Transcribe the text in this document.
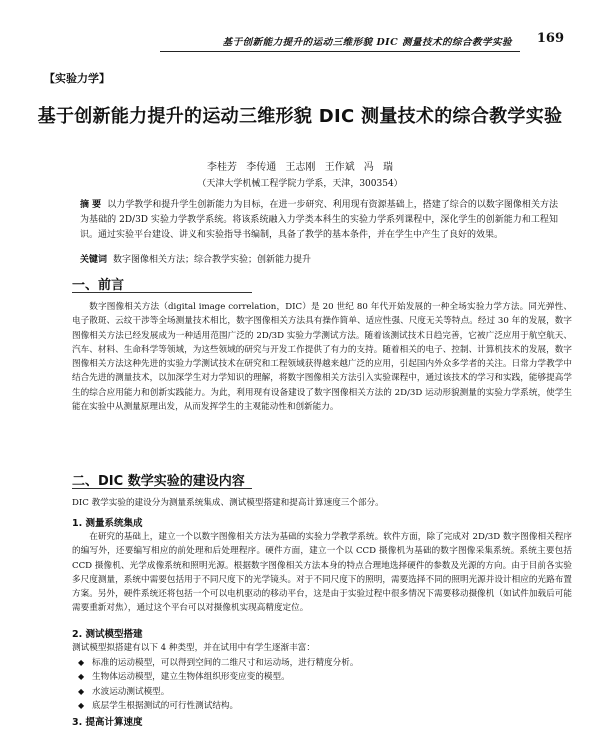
基于创新能力提升的运动三维形貌 DIC 测量技术的综合教学实验 169
【实验力学】
基于创新能力提升的运动三维形貌 DIC 测量技术的综合教学实验
李桂芳 李传通 王志刚 王作斌 冯 瑞
（天津大学机械工程学院力学系，天津，300354）
摘 要 以力学教学和提升学生创新能力为目标，在进一步研究、利用现有资源基础上，搭建了综合的以数字图像相关方法为基础的 2D/3D 实验力学教学系统。将该系统融入力学类本科生的实验力学系列课程中，深化学生的创新能力和工程知识。通过实验平台建设、讲义和实验指导书编制，具备了教学的基本条件，并在学生中产生了良好的效果。
关键词 数字图像相关方法；综合教学实验；创新能力提升
一、前言
数字图像相关方法（digital image correlation，DIC）是 20 世纪 80 年代开始发展的一种全场实验力学方法。同光弹性、电子散斑、云纹干涉等全场测量技术相比，数字图像相关方法具有操作简单、适应性强、尺度无关等特点。经过 30 年的发展，数字图像相关方法已经发展成为一种适用范围广泛的 2D/3D 实验力学测试方法。随着该测试技术日趋完善，它被广泛应用于航空航天、汽车、材料、生命科学等领域，为这些领域的研究与开发工作提供了有力的支持。随着相关的电子、控制、计算机技术的发展，数字图像相关方法这种先进的实验力学测试技术在研究和工程领域获得越来越广泛的应用，引起国内外众多学者的关注。日常力学教学中结合先进的测量技术，以加深学生对力学知识的理解，将数字图像相关方法引入实验课程中，通过该技术的学习和实践，能够提高学生的综合应用能力和创新实践能力。为此，利用现有设备建设了数字图像相关方法的 2D/3D 运动形貌测量的实验力学系统，使学生能在实验中从测量原理出发，从而发挥学生的主观能动性和创新能力。
二、DIC 数学实验的建设内容
DIC 教学实验的建设分为测量系统集成、测试模型搭建和提高计算速度三个部分。
1. 测量系统集成
在研究的基础上，建立一个以数字图像相关方法为基础的实验力学教学系统。软件方面，除了完成对 2D/3D 数字图像相关程序的编写外，还要编写相应的前处理和后处理程序。硬件方面，建立一个以 CCD 摄像机为基础的数字图像采集系统。系统主要包括 CCD 摄像机、光学成像系统和照明光源。根据数字图像相关方法本身的特点合理地选择硬件的参数及光源的方向。由于目前各实验多尺度测量，系统中需要包括用于不同尺度下的光学镜头。对于不同尺度下的照明，需要选择不同的照明光源并设计相应的光路布置方案。另外，硬件系统还将包括一个可以电机驱动的移动平台，这是由于实验过程中很多情况下需要移动摄像机（如试件加载后可能需要重新对焦），通过这个平台可以对摄像机实现高精度定位。
2. 测试模型搭建
测试模型拟搭建有以下 4 种类型，并在试用中有学生逐渐丰富：
◆ 标准的运动模型，可以得到空间的二维尺寸和运动场，进行精度分析。
◆ 生物体运动模型，建立生物体组织形变应变的模型。
◆ 水波运动测试模型。
◆ 底层学生根据测试的可行性测试结构。
3. 提高计算速度
